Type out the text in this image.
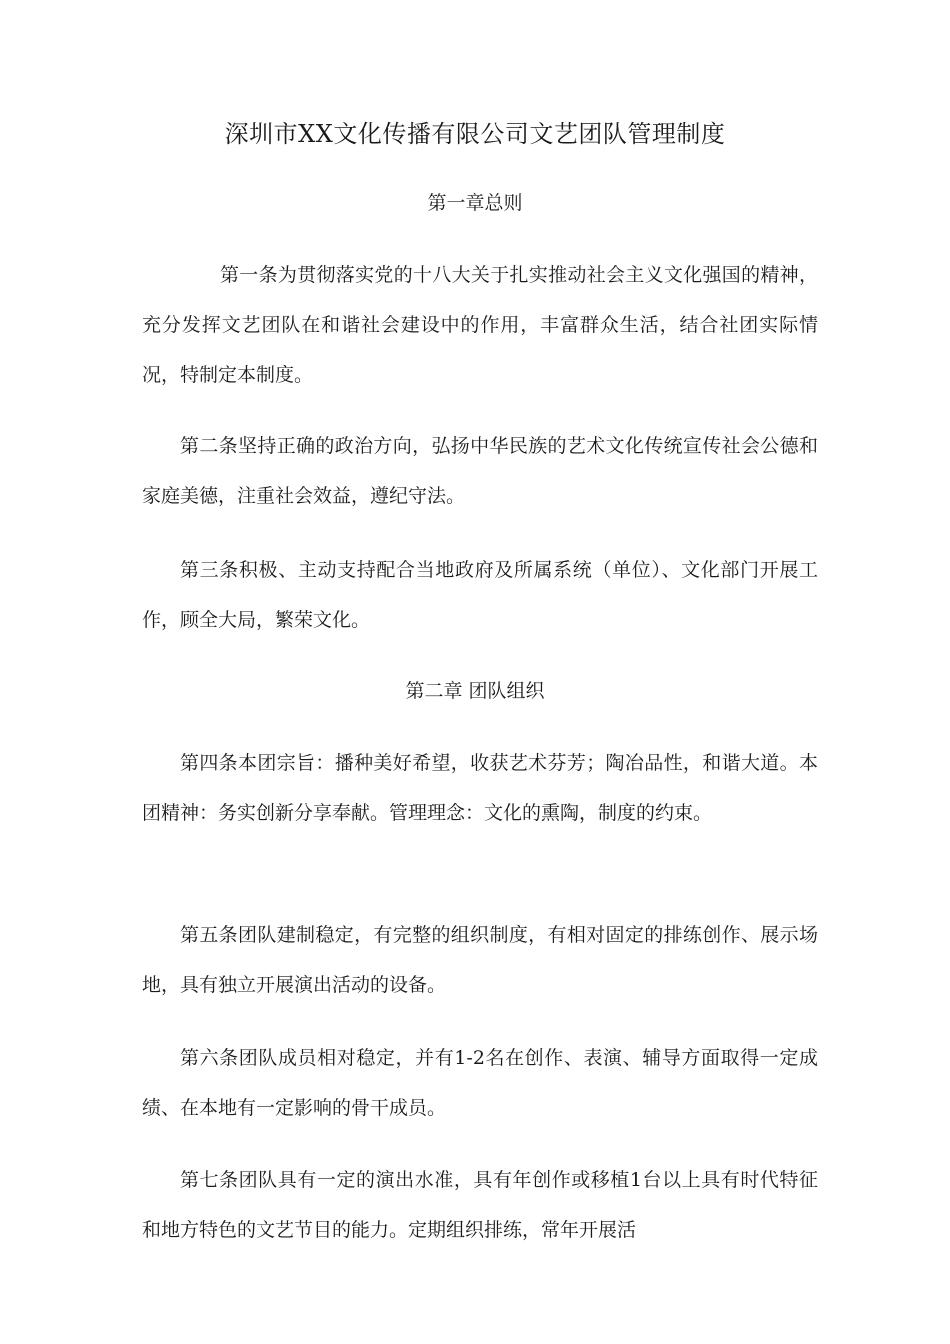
深圳市XX文化传播有限公司文艺团队管理制度
第一章总则

第一条为贯彻落实党的十八大关于扎实推动社会主义文化强国的精神，充分发挥文艺团队在和谐社会建设中的作用，丰富群众生活，结合社团实际情况，特制定本制度。

第二条坚持正确的政治方向，弘扬中华民族的艺术文化传统宣传社会公德和家庭美德，注重社会效益，遵纪守法。

第三条积极、主动支持配合当地政府及所属系统（单位）、文化部门开展工作，顾全大局，繁荣文化。

第二章 团队组织

第四条本团宗旨：播种美好希望，收获艺术芬芳；陶冶品性，和谐大道。本团精神：务实创新分享奉献。管理理念：文化的熏陶，制度的约束。

第五条团队建制稳定，有完整的组织制度，有相对固定的排练创作、展示场地，具有独立开展演出活动的设备。

第六条团队成员相对稳定，并有1-2名在创作、表演、辅导方面取得一定成绩、在本地有一定影响的骨干成员。

第七条团队具有一定的演出水准，具有年创作或移植1台以上具有时代特征和地方特色的文艺节目的能力。定期组织排练，常年开展活
